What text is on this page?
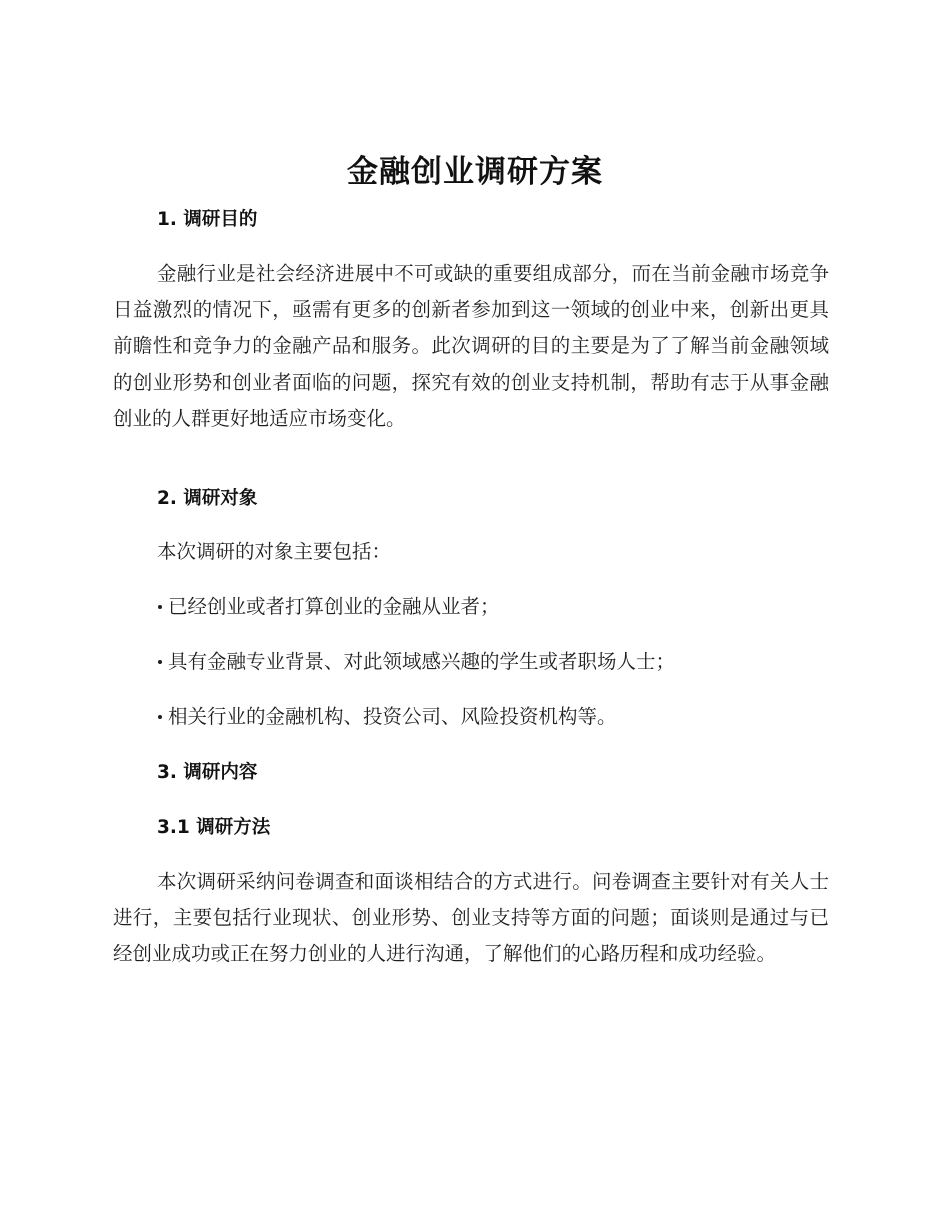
金融创业调研方案
1. 调研目的
金融行业是社会经济进展中不可或缺的重要组成部分，而在当前金融市场竞争日益激烈的情况下，亟需有更多的创新者参加到这一领域的创业中来，创新出更具前瞻性和竞争力的金融产品和服务。此次调研的目的主要是为了了解当前金融领域的创业形势和创业者面临的问题，探究有效的创业支持机制，帮助有志于从事金融创业的人群更好地适应市场变化。
2. 调研对象
本次调研的对象主要包括：
已经创业或者打算创业的金融从业者；
具有金融专业背景、对此领域感兴趣的学生或者职场人士；
相关行业的金融机构、投资公司、风险投资机构等。
3. 调研内容
3.1 调研方法
本次调研采纳问卷调查和面谈相结合的方式进行。问卷调查主要针对有关人士进行，主要包括行业现状、创业形势、创业支持等方面的问题；面谈则是通过与已经创业成功或正在努力创业的人进行沟通，了解他们的心路历程和成功经验。
